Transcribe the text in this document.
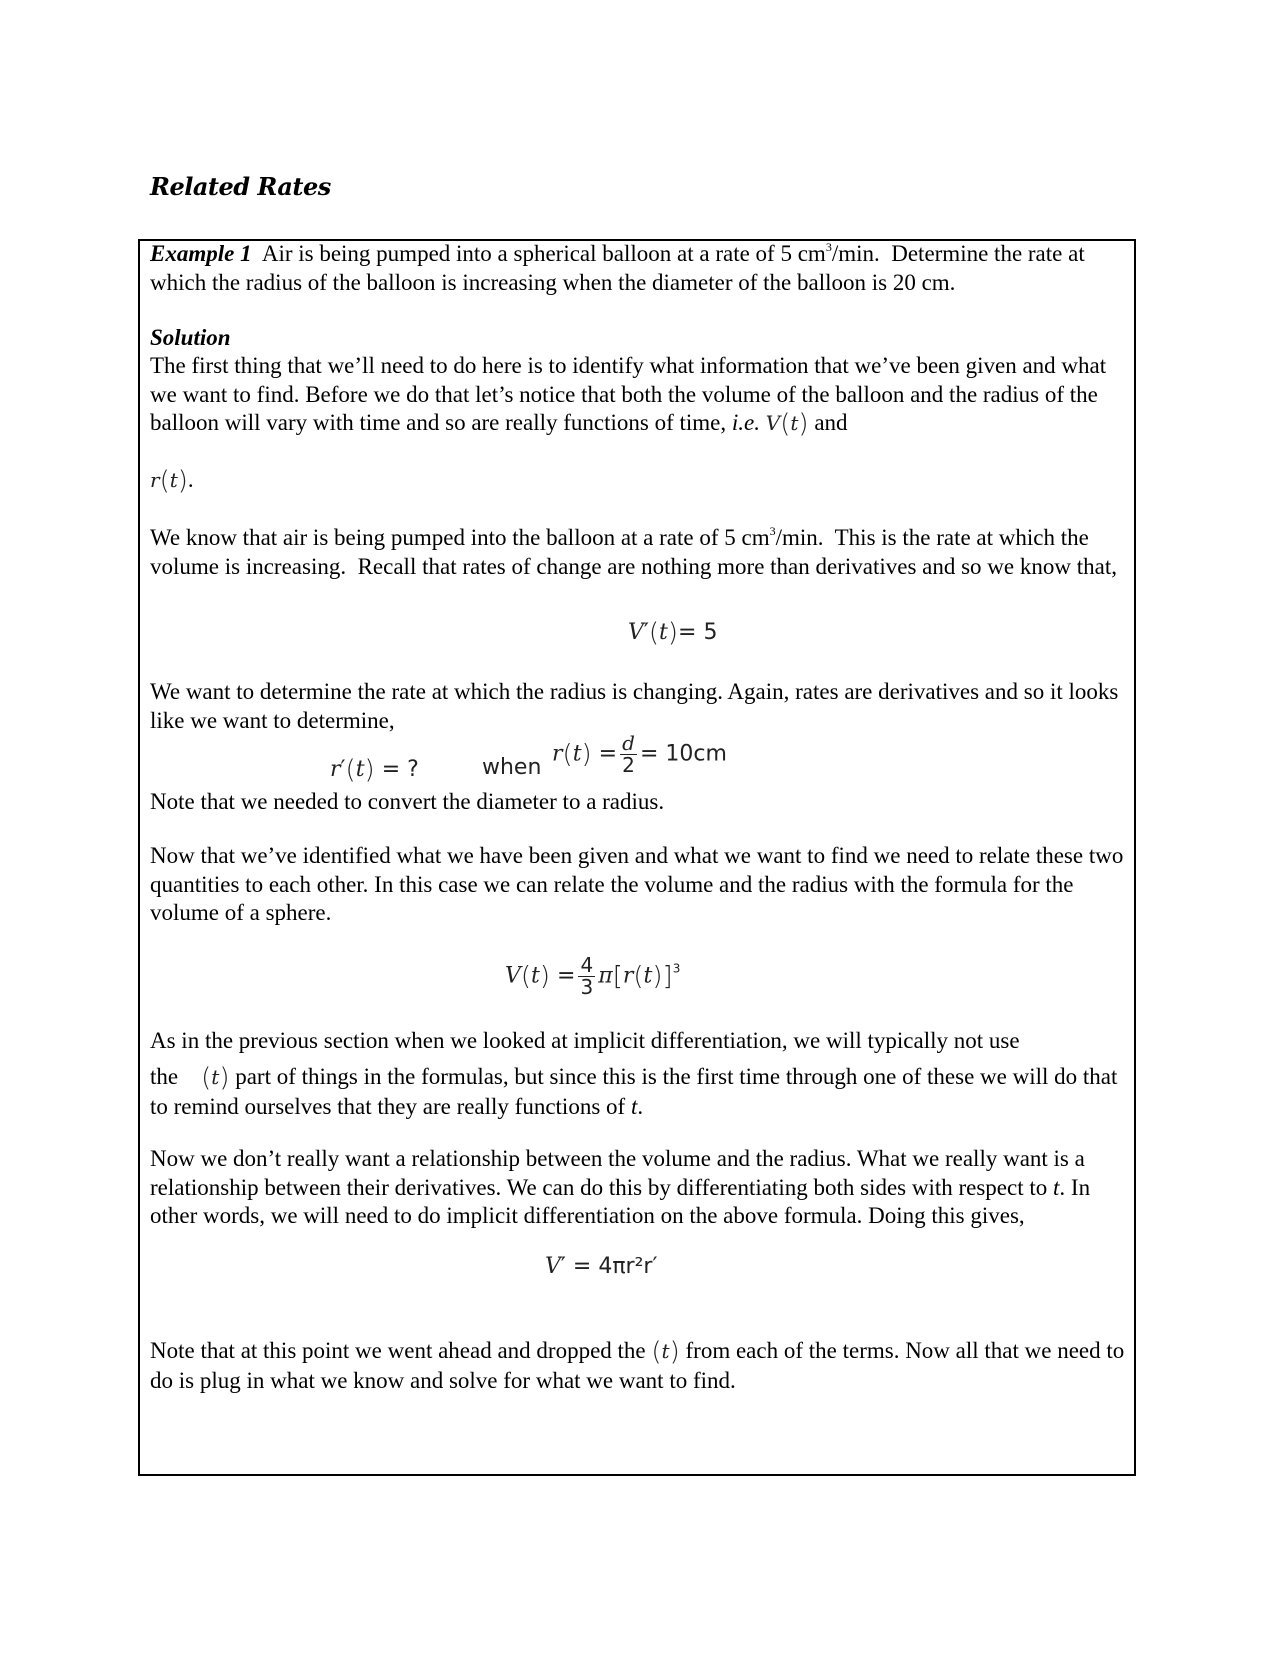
Related Rates

Example 1 Air is being pumped into a spherical balloon at a rate of 5 $cm^3/\min$.  Determine the rate at which the radius of the balloon is increasing when the diameter of the balloon is 20 cm.

Solution

The first thing that we’ll need to do here is to identify what information that we’ve been given and what we want to find. Before we do that let’s notice that both the volume of the balloon and the radius of the balloon will vary with time and so are really functions of time, i.e. V(t) and

r(t).

We know that air is being pumped into the balloon at a rate of 5 $cm^3/\min$.  This is the rate at which the volume is increasing.  Recall that rates of change are nothing more than derivatives and so we know that,

V′(t)= 5

We want to determine the rate at which the radius is changing. Again, rates are derivatives and so it looks like we want to determine,

r′(t) = ?	when
$r(t) = \frac{d}{2} = 10cm$

Note that we needed to convert the diameter to a radius.

Now that we’ve identified what we have been given and what we want to find we need to relate these two quantities to each other. In this case we can relate the volume and the radius with the formula for the volume of a sphere.

$V(t) = \frac{4}{3} \pi[r(t)]^3$

As in the previous section when we looked at implicit differentiation, we will typically not use

the    (t) part of things in the formulas, but since this is the first time through one of these we will do that to remind ourselves that they are really functions of t.

Now we don’t really want a relationship between the volume and the radius. What we really want is a relationship between their derivatives. We can do this by differentiating both sides with respect to t. In other words, we will need to do implicit differentiation on the above formula. Doing this gives,

V′ = 4πr²r′

Note that at this point we went ahead and dropped the (t) from each of the terms. Now all that we need to do is plug in what we know and solve for what we want to find.
